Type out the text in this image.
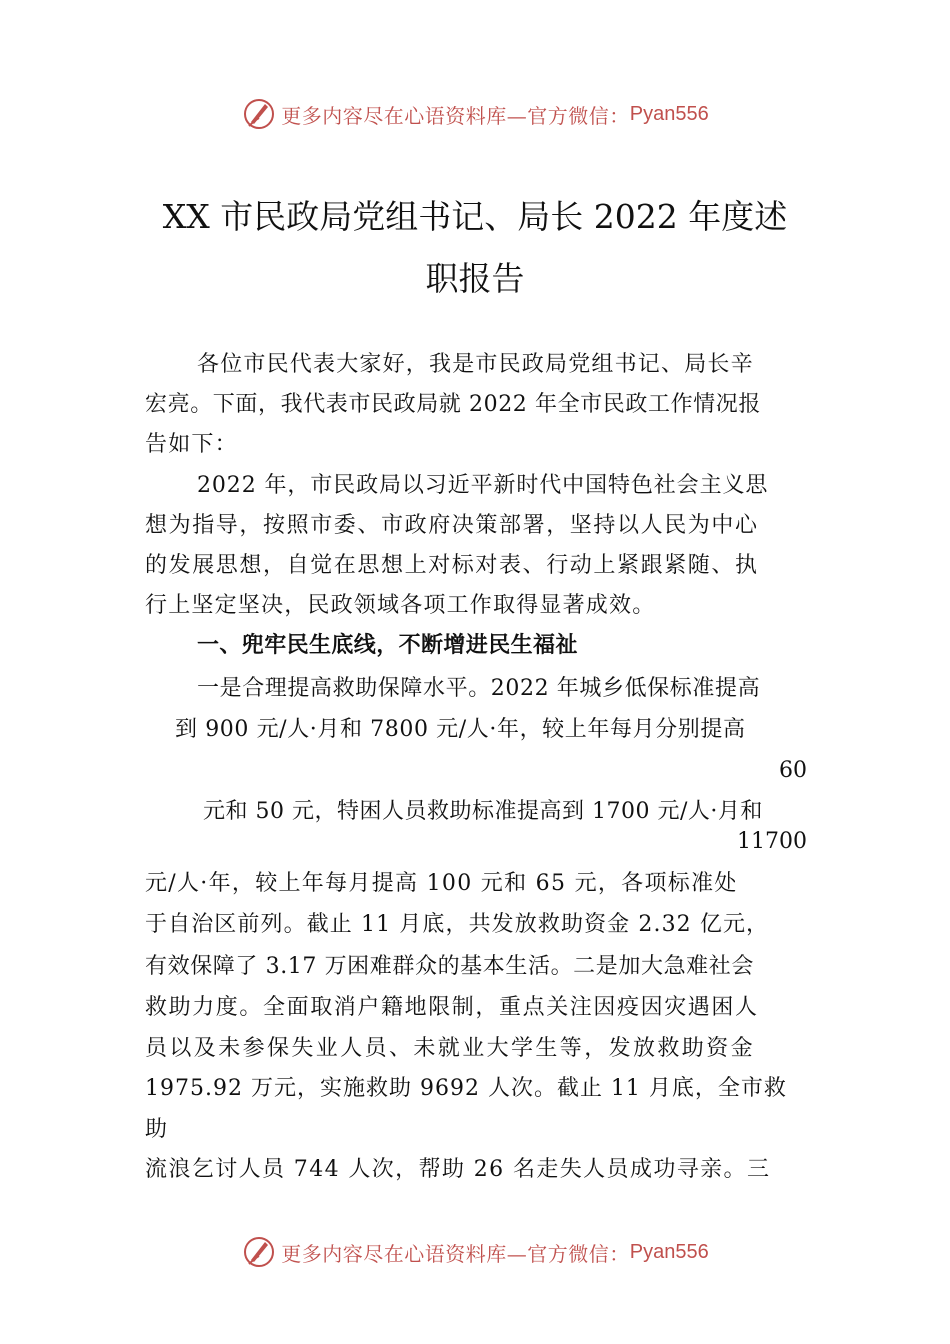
更多内容尽在心语资料库—官方微信： Pyan556
XX 市民政局党组书记、局长 2022 年度述
职报告
各位市民代表大家好，我是市民政局党组书记、局长辛
宏亮。下面，我代表市民政局就 2022 年全市民政工作情况报
告如下：
2022 年，市民政局以习近平新时代中国特色社会主义思
想为指导，按照市委、市政府决策部署，坚持以人民为中心
的发展思想，自觉在思想上对标对表、行动上紧跟紧随、执
行上坚定坚决，民政领域各项工作取得显著成效。
一、兜牢民生底线，不断增进民生福祉
一是合理提高救助保障水平。2022 年城乡低保标准提高
到 900 元/人·月和 7800 元/人·年，较上年每月分别提高
60
元和 50 元，特困人员救助标准提高到 1700 元/人·月和
11700
元/人·年，较上年每月提高 100 元和 65 元，各项标准处
于自治区前列。截止 11 月底，共发放救助资金 2.32 亿元，
有效保障了 3.17 万困难群众的基本生活。二是加大急难社会
救助力度。全面取消户籍地限制，重点关注因疫因灾遇困人
员以及未参保失业人员、未就业大学生等，发放救助资金
1975.92 万元，实施救助 9692 人次。截止 11 月底，全市救
助
流浪乞讨人员 744 人次，帮助 26 名走失人员成功寻亲。三
更多内容尽在心语资料库—官方微信： Pyan556
